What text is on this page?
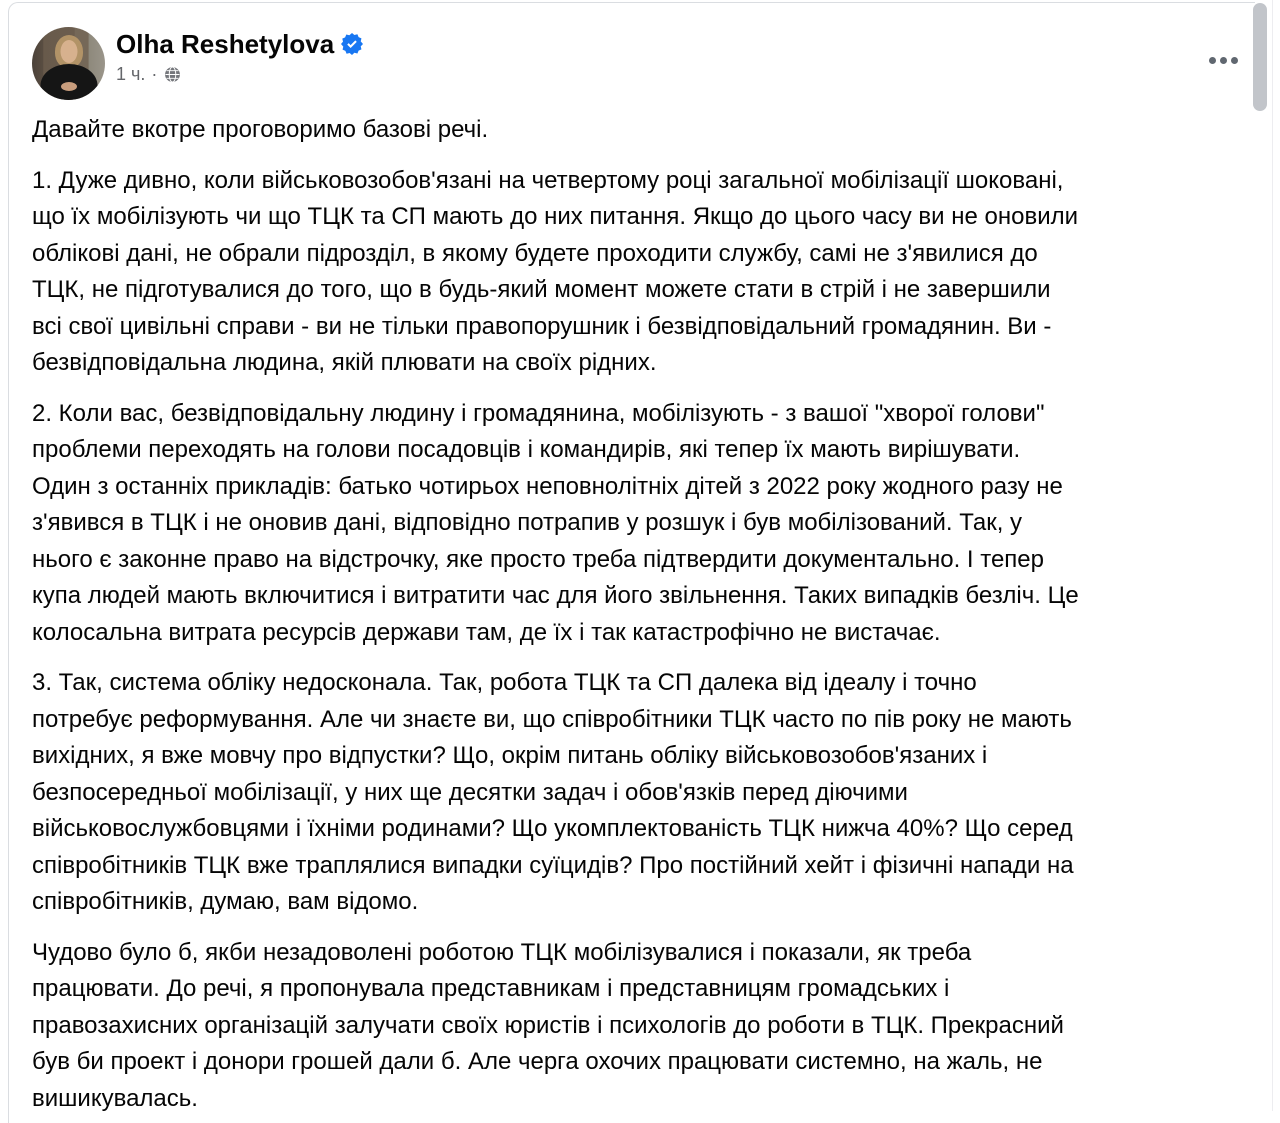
Olha Reshetylova
1 ч. ·

Давайте вкотре проговоримо базові речі.

1. Дуже дивно, коли військовозобов'язані на четвертому році загальної мобілізації шоковані,
що їх мобілізують чи що ТЦК та СП мають до них питання. Якщо до цього часу ви не оновили
облікові дані, не обрали підрозділ, в якому будете проходити службу, самі не з'явилися до
ТЦК, не підготувалися до того, що в будь-який момент можете стати в стрій і не завершили
всі свої цивільні справи - ви не тільки правопорушник і безвідповідальний громадянин. Ви -
безвідповідальна людина, якій плювати на своїх рідних.

2. Коли вас, безвідповідальну людину і громадянина, мобілізують - з вашої "хворої голови"
проблеми переходять на голови посадовців і командирів, які тепер їх мають вирішувати.
Один з останніх прикладів: батько чотирьох неповнолітніх дітей з 2022 року жодного разу не
з'явився в ТЦК і не оновив дані, відповідно потрапив у розшук і був мобілізований. Так, у
нього є законне право на відстрочку, яке просто треба підтвердити документально. І тепер
купа людей мають включитися і витратити час для його звільнення. Таких випадків безліч. Це
колосальна витрата ресурсів держави там, де їх і так катастрофічно не вистачає.

3. Так, система обліку недосконала. Так, робота ТЦК та СП далека від ідеалу і точно
потребує реформування. Але чи знаєте ви, що співробітники ТЦК часто по пів року не мають
вихідних, я вже мовчу про відпустки? Що, окрім питань обліку військовозобов'язаних і
безпосередньої мобілізації, у них ще десятки задач і обов'язків перед діючими
військовослужбовцями і їхніми родинами? Що укомплектованість ТЦК нижча 40%? Що серед
співробітників ТЦК вже траплялися випадки суїцидів? Про постійний хейт і фізичні напади на
співробітників, думаю, вам відомо.

Чудово було б, якби незадоволені роботою ТЦК мобілізувалися і показали, як треба
працювати. До речі, я пропонувала представникам і представницям громадських і
правозахисних організацій залучати своїх юристів і психологів до роботи в ТЦК. Прекрасний
був би проект і донори грошей дали б. Але черга охочих працювати системно, на жаль, не
вишикувалась.
